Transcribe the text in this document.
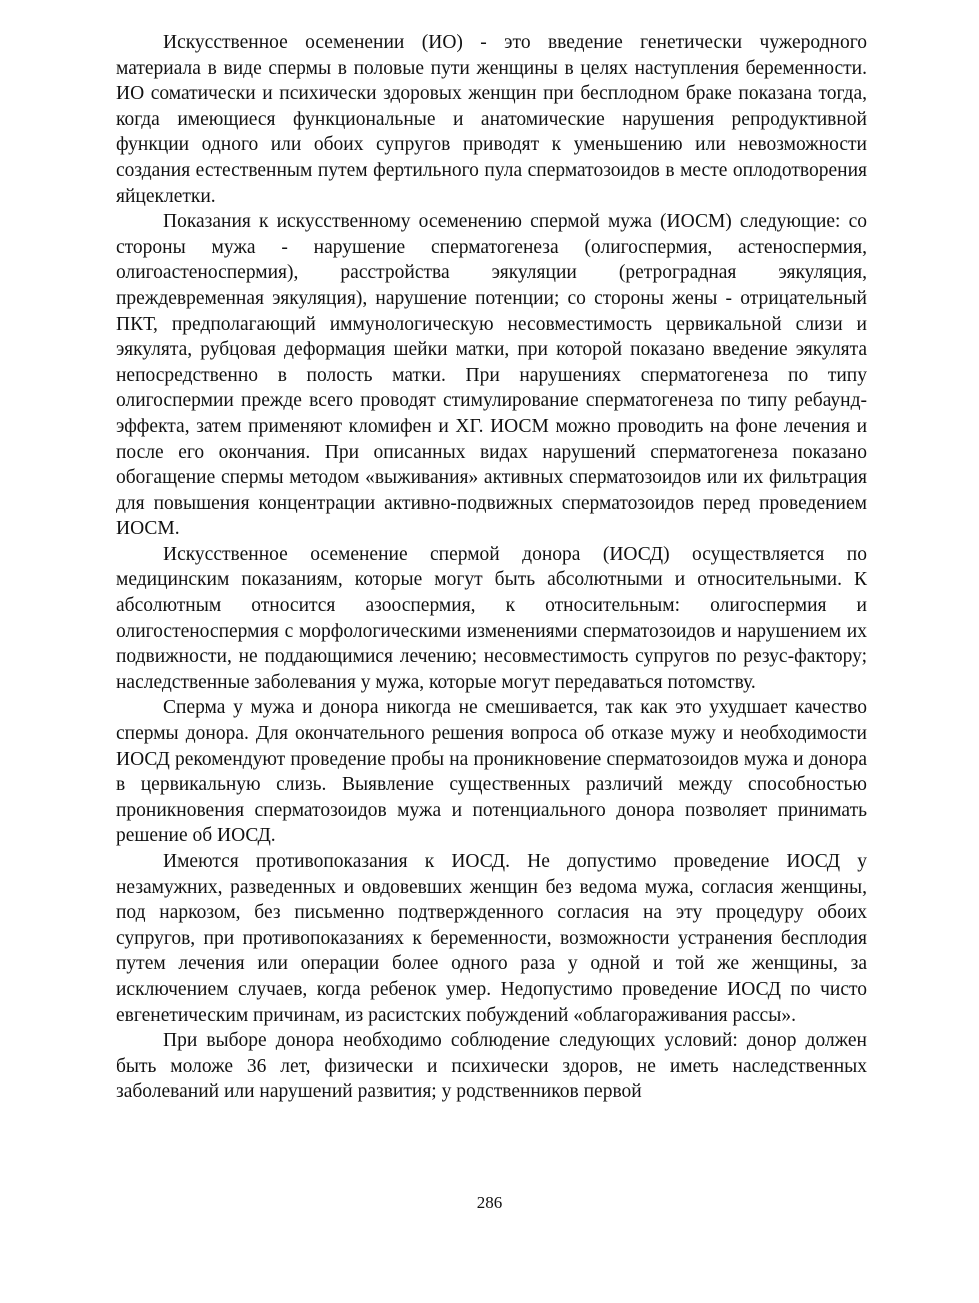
Искусственное осеменении (ИО) - это введение генетически чужеродного материала в виде спермы в половые пути женщины в целях наступления беременности. ИО соматически и психически здоровых женщин при бесплодном браке показана тогда, когда имеющиеся функциональные и анатомические нарушения репродуктивной функции одного или обоих супругов приводят к уменьшению или невозможности создания естественным путем фертильного пула сперматозоидов в месте оплодотворения яйцеклетки.

Показания к искусственному осеменению спермой мужа (ИОСМ) следующие: со стороны мужа - нарушение сперматогенеза (олигоспермия, астеноспермия, олигоастеноспермия), расстройства эякуляции (ретроградная эякуляция, преждевременная эякуляция), нарушение потенции; со стороны жены - отрицательный ПКТ, предполагающий иммунологическую несовместимость цервикальной слизи и эякулята, рубцовая деформация шейки матки, при которой показано введение эякулята непосредственно в полость матки. При нарушениях сперматогенеза по типу олигоспермии прежде всего проводят стимулирование сперматогенеза по типу ребаунд-эффекта, затем применяют кломифен и ХГ. ИОСМ можно проводить на фоне лечения и после его окончания. При описанных видах нарушений сперматогенеза показано обогащение спермы методом «выживания» активных сперматозоидов или их фильтрация для повышения концентрации активно-подвижных сперматозоидов перед проведением ИОСМ.

Искусственное осеменение спермой донора (ИОСД) осуществляется по медицинским показаниям, которые могут быть абсолютными и относительными. К абсолютным относится азооспермия, к относительным: олигоспермия и олигостеноспермия с морфологическими изменениями сперматозоидов и нарушением их подвижности, не поддающимися лечению; несовместимость супругов по резус-фактору; наследственные заболевания у мужа, которые могут передаваться потомству.

Сперма у мужа и донора никогда не смешивается, так как это ухудшает качество спермы донора. Для окончательного решения вопроса об отказе мужу и необходимости ИОСД рекомендуют проведение пробы на проникновение сперматозоидов мужа и донора в цервикальную слизь. Выявление существенных различий между способностью проникновения сперматозоидов мужа и потенциального донора позволяет принимать решение об ИОСД.

Имеются противопоказания к ИОСД. Не допустимо проведение ИОСД у незамужних, разведенных и овдовевших женщин без ведома мужа, согласия женщины, под наркозом, без письменно подтвержденного согласия на эту процедуру обоих супругов, при противопоказаниях к беременности, возможности устранения бесплодия путем лечения или операции более одного раза у одной и той же женщины, за исключением случаев, когда ребенок умер. Недопустимо проведение ИОСД по чисто евгенетическим причинам, из расистских побуждений «облагораживания рассы».

При выборе донора необходимо соблюдение следующих условий: донор должен быть моложе 36 лет, физически и психически здоров, не иметь наследственных заболеваний или нарушений развития; у родственников первой

286
